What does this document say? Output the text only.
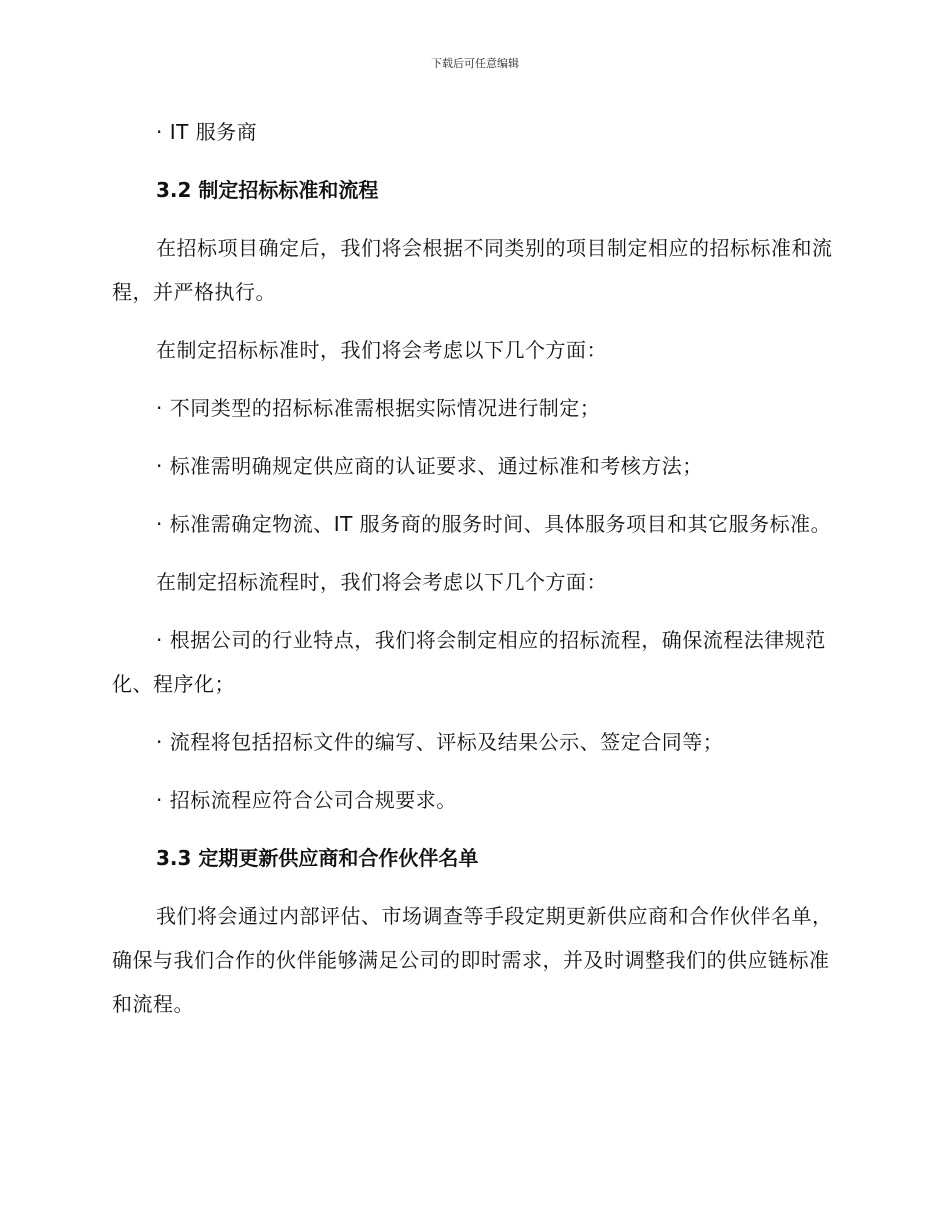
下载后可任意编辑
· IT 服务商
3.2 制定招标标准和流程
在招标项目确定后，我们将会根据不同类别的项目制定相应的招标标准和流程，并严格执行。
在制定招标标准时，我们将会考虑以下几个方面：
· 不同类型的招标标准需根据实际情况进行制定；
· 标准需明确规定供应商的认证要求、通过标准和考核方法；
· 标准需确定物流、IT 服务商的服务时间、具体服务项目和其它服务标准。
在制定招标流程时，我们将会考虑以下几个方面：
· 根据公司的行业特点，我们将会制定相应的招标流程，确保流程法律规范化、程序化；
· 流程将包括招标文件的编写、评标及结果公示、签定合同等；
· 招标流程应符合公司合规要求。
3.3 定期更新供应商和合作伙伴名单
我们将会通过内部评估、市场调查等手段定期更新供应商和合作伙伴名单，确保与我们合作的伙伴能够满足公司的即时需求，并及时调整我们的供应链标准和流程。
